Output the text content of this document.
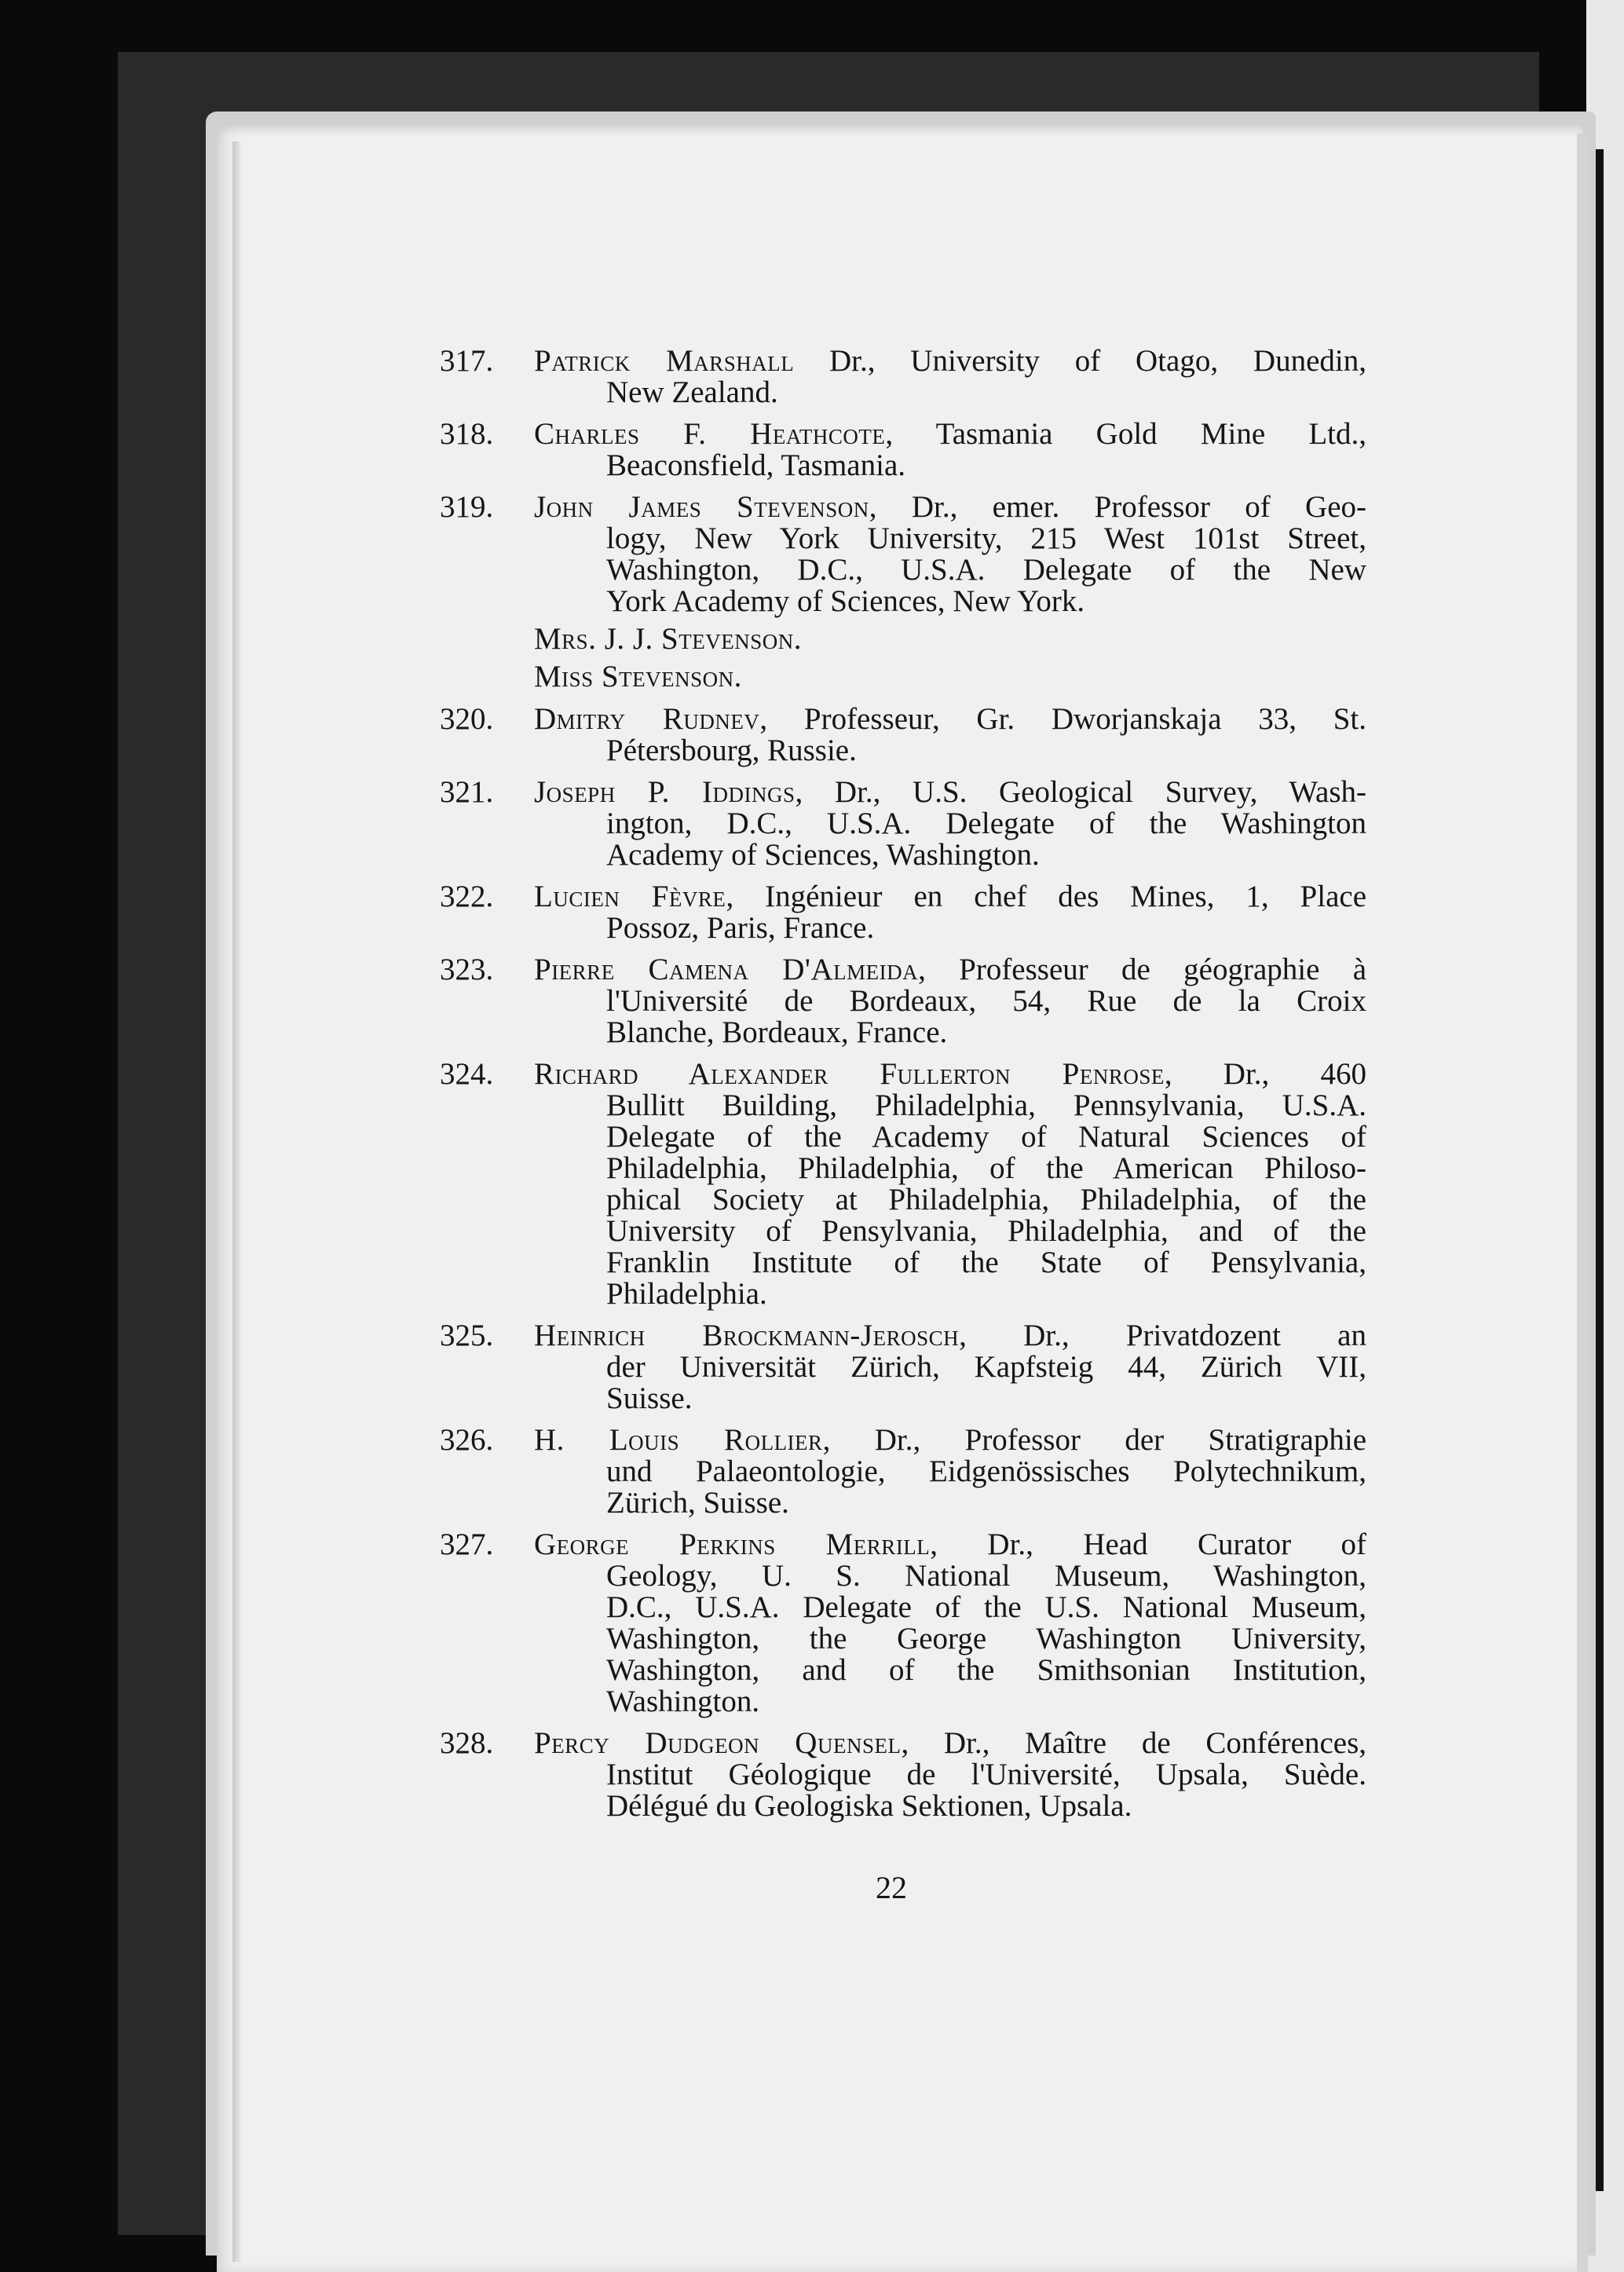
317.	Patrick Marshall Dr., University of Otago, Dunedin,
New Zealand.
318.	Charles F. Heathcote, Tasmania Gold Mine Ltd.,
Beaconsfield, Tasmania.
319.	John James Stevenson, Dr., emer. Professor of Geo-
logy, New York University, 215 West 101st Street,
Washington, D.C., U.S.A. Delegate of the New
York Academy of Sciences, New York.
Mrs. J. J. Stevenson.
Miss Stevenson.
320.	Dmitry Rudnev, Professeur, Gr. Dworjanskaja 33, St.
Pétersbourg, Russie.
321.	Joseph P. Iddings, Dr., U.S. Geological Survey, Wash-
ington, D.C., U.S.A. Delegate of the Washington
Academy of Sciences, Washington.
322.	Lucien Fèvre, Ingénieur en chef des Mines, 1, Place
Possoz, Paris, France.
323.	Pierre Camena D'Almeida, Professeur de géographie à
l'Université de Bordeaux, 54, Rue de la Croix
Blanche, Bordeaux, France.
324.	Richard Alexander Fullerton Penrose, Dr., 460
Bullitt Building, Philadelphia, Pennsylvania, U.S.A.
Delegate of the Academy of Natural Sciences of
Philadelphia, Philadelphia, of the American Philoso-
phical Society at Philadelphia, Philadelphia, of the
University of Pensylvania, Philadelphia, and of the
Franklin Institute of the State of Pensylvania,
Philadelphia.
325.	Heinrich Brockmann-Jerosch, Dr., Privatdozent an
der Universität Zürich, Kapfsteig 44, Zürich VII,
Suisse.
326.	H. Louis Rollier, Dr., Professor der Stratigraphie
und Palaeontologie, Eidgenössisches Polytechnikum,
Zürich, Suisse.
327.	George Perkins Merrill, Dr., Head Curator of
Geology, U. S. National Museum, Washington,
D.C., U.S.A. Delegate of the U.S. National Museum,
Washington, the George Washington University,
Washington, and of the Smithsonian Institution,
Washington.
328.	Percy Dudgeon Quensel, Dr., Maître de Conférences,
Institut Géologique de l'Université, Upsala, Suède.
Délégué du Geologiska Sektionen, Upsala.
22
